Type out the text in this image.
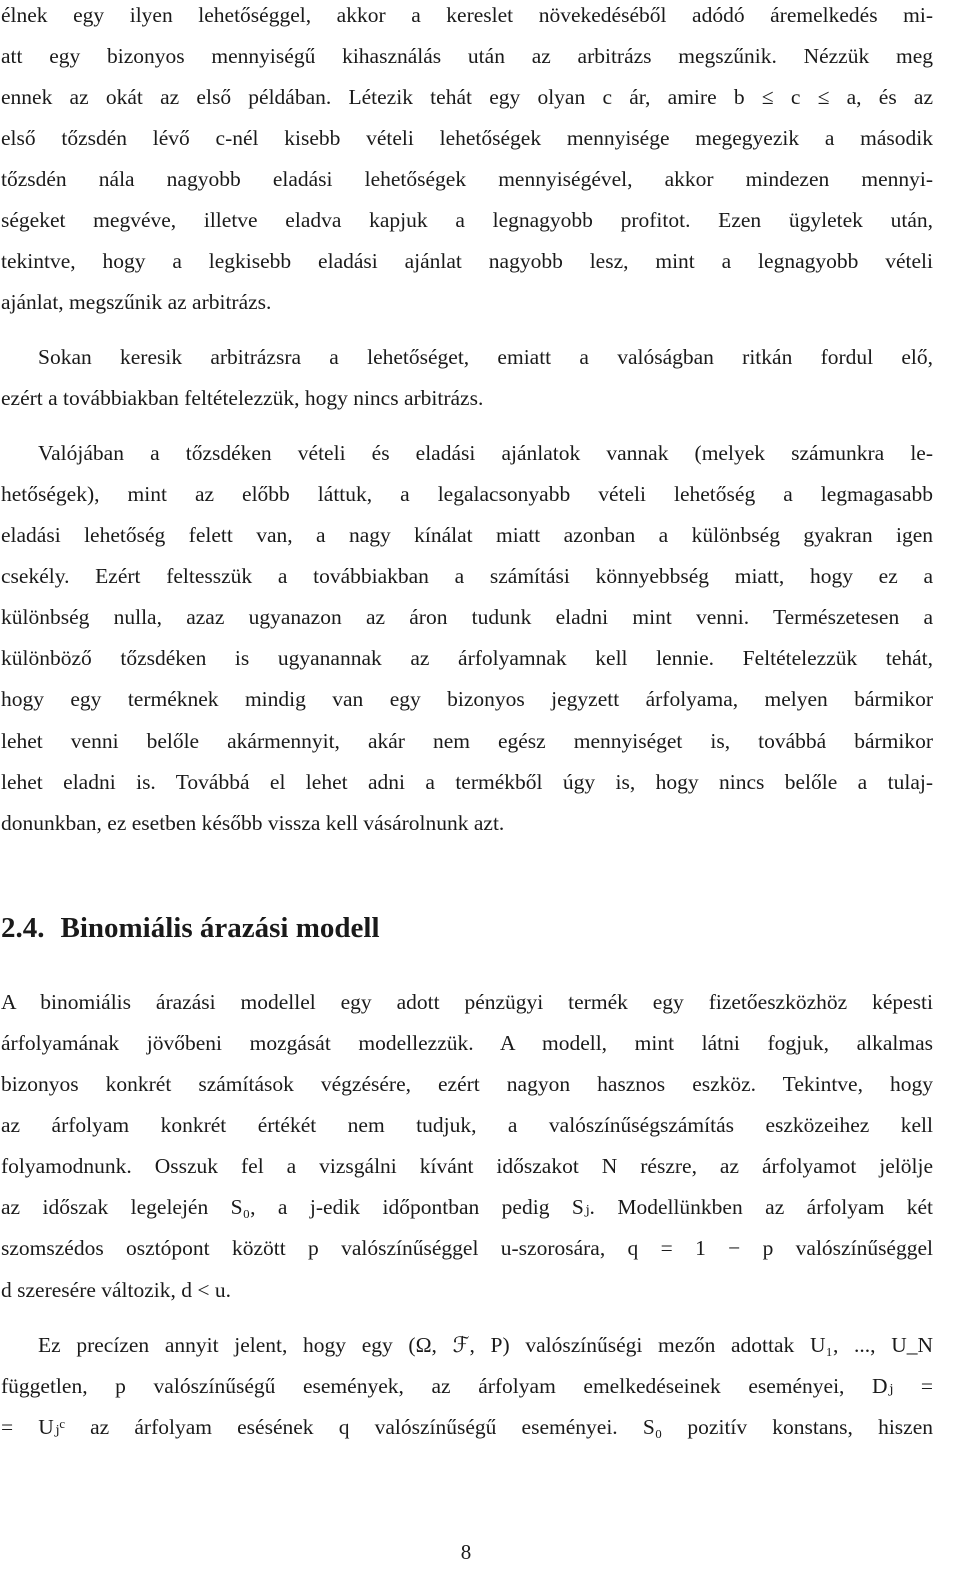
élnek egy ilyen lehetőséggel, akkor a kereslet növekedéséből adódó áremelkedés mi-
att egy bizonyos mennyiségű kihasználás után az arbitrázs megszűnik. Nézzük meg
ennek az okát az első példában. Létezik tehát egy olyan c ár, amire b ≤ c ≤ a, és az
első tőzsdén lévő c-nél kisebb vételi lehetőségek mennyisége megegyezik a második
tőzsdén nála nagyobb eladási lehetőségek mennyiségével, akkor mindezen mennyi-
ségeket megvéve, illetve eladva kapjuk a legnagyobb profitot. Ezen ügyletek után,
tekintve, hogy a legkisebb eladási ajánlat nagyobb lesz, mint a legnagyobb vételi
ajánlat, megszűnik az arbitrázs.
Sokan keresik arbitrázsra a lehetőséget, emiatt a valóságban ritkán fordul elő,
ezért a továbbiakban feltételezzük, hogy nincs arbitrázs.
Valójában a tőzsdéken vételi és eladási ajánlatok vannak (melyek számunkra le-
hetőségek), mint az előbb láttuk, a legalacsonyabb vételi lehetőség a legmagasabb
eladási lehetőség felett van, a nagy kínálat miatt azonban a különbség gyakran igen
csekély. Ezért feltesszük a továbbiakban a számítási könnyebbség miatt, hogy ez a
különbség nulla, azaz ugyanazon az áron tudunk eladni mint venni. Természetesen a
különböző tőzsdéken is ugyanannak az árfolyamnak kell lennie. Feltételezzük tehát,
hogy egy terméknek mindig van egy bizonyos jegyzett árfolyama, melyen bármikor
lehet venni belőle akármennyit, akár nem egész mennyiséget is, továbbá bármikor
lehet eladni is. Továbbá el lehet adni a termékből úgy is, hogy nincs belőle a tulaj-
donunkban, ez esetben később vissza kell vásárolnunk azt.
2.4. Binomiális árazási modell
A binomiális árazási modellel egy adott pénzügyi termék egy fizetőeszközhöz képesti
árfolyamának jövőbeni mozgását modellezzük. A modell, mint látni fogjuk, alkalmas
bizonyos konkrét számítások végzésére, ezért nagyon hasznos eszköz. Tekintve, hogy
az árfolyam konkrét értékét nem tudjuk, a valószínűségszámítás eszközeihez kell
folyamodnunk. Osszuk fel a vizsgálni kívánt időszakot N részre, az árfolyamot jelölje
az időszak legelején S₀, a j-edik időpontban pedig Sⱼ. Modellünkben az árfolyam két
szomszédos osztópont között p valószínűséggel u-szorosára, q = 1 − p valószínűséggel
d szeresére változik, d < u.
Ez precízen annyit jelent, hogy egy (Ω, ℱ, P) valószínűségi mezőn adottak U₁, ..., U_N
független, p valószínűségű események, az árfolyam emelkedéseinek eseményei, Dⱼ =
= Uⱼᶜ az árfolyam esésének q valószínűségű eseményei. S₀ pozitív konstans, hiszen
8
